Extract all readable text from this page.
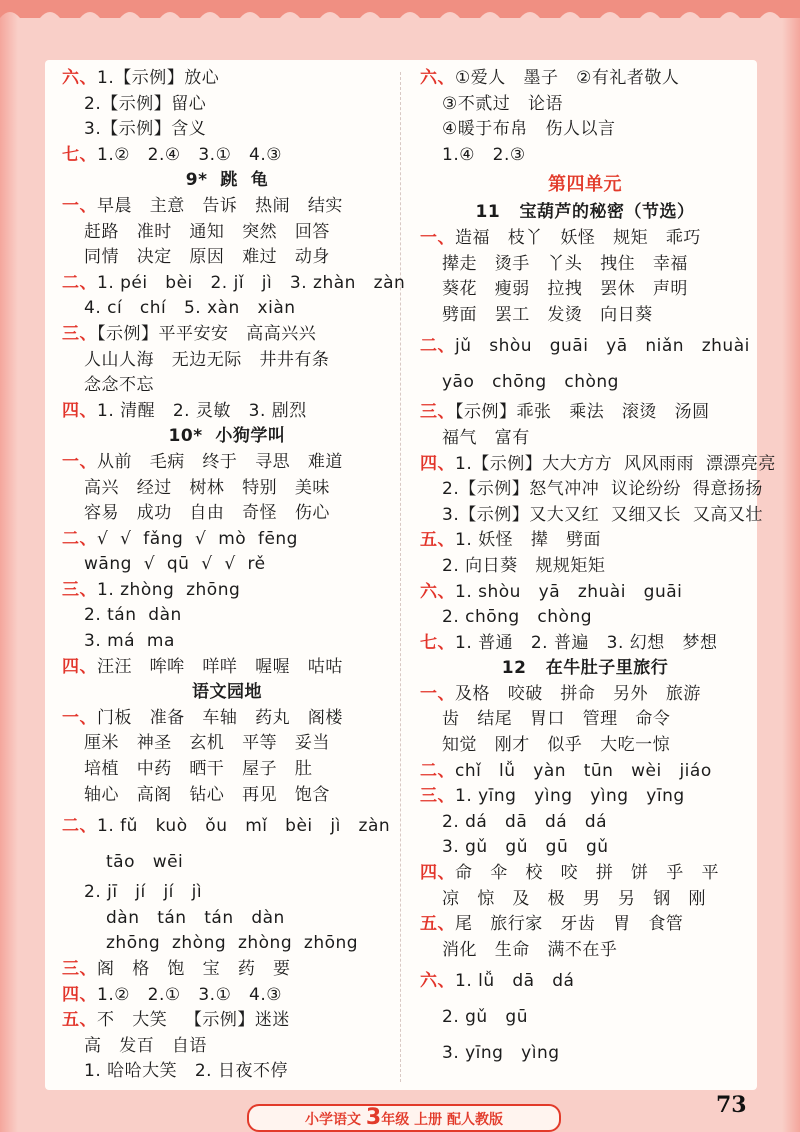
六、1.【示例】放心
2.【示例】留心
3.【示例】含义
七、1.②   2.④   3.①   4.③
9*  跳  龟
一、早晨   主意   告诉   热闹   结实
赶路   准时   通知   突然   回答
同情   决定   原因   难过   动身
二、1. péi   bèi   2. jǐ   jì   3. zhàn   zàn
4. cí   chí   5. xàn   xiàn
三、【示例】平平安安   高高兴兴
人山人海   无边无际   井井有条
念念不忘
四、1. 清醒   2. 灵敏   3. 剧烈
10*  小狗学叫
一、从前   毛病   终于   寻思   难道
高兴   经过   树林   特别   美味
容易   成功   自由   奇怪   伤心
二、√  √  fǎng  √  mò  fēng
wāng  √  qū  √  √  rě
三、1. zhòng  zhōng
2. tán  dàn
3. má  ma
四、汪汪   哞哞   咩咩   喔喔   咕咕
语文园地
一、门板   准备   车轴   药丸   阁楼
厘米   神圣   玄机   平等   妥当
培植   中药   晒干   屋子   肚
轴心   高阁   钻心   再见   饱含
二、1. fǔ   kuò   ǒu   mǐ   bèi   jì   zàn
tāo   wēi
2. jī   jí   jí   jì
dàn   tán   tán   dàn
zhōng  zhòng  zhòng  zhōng
三、阁   格   饱   宝   药   要
四、1.②   2.①   3.①   4.③
五、不   大笑   【示例】迷迷
高   发百   自语
1. 哈哈大笑   2. 日夜不停
六、①爱人   墨子   ②有礼者敬人
③不贰过   论语
④暖于布帛   伤人以言
1.④   2.③
第四单元
11   宝葫芦的秘密（节选）
一、造福   枝丫   妖怪   规矩   乖巧
撵走   烫手   丫头   拽住   幸福
葵花   瘦弱   拉拽   罢休   声明
劈面   罢工   发烫   向日葵
二、jǔ   shòu   guāi   yā   niǎn   zhuài
yāo   chōng   chòng
三、【示例】乖张   乘法   滚烫   汤圆
福气   富有
四、1.【示例】大大方方  风风雨雨  漂漂亮亮
2.【示例】怒气冲冲  议论纷纷  得意扬扬
3.【示例】又大又红  又细又长  又高又壮
五、1. 妖怪   撵   劈面
2. 向日葵   规规矩矩
六、1. shòu   yā   zhuài   guāi
2. chōng   chòng
七、1. 普通   2. 普遍   3. 幻想   梦想
12   在牛肚子里旅行
一、及格   咬破   拼命   另外   旅游
齿   结尾   胃口   管理   命令
知觉   刚才   似乎   大吃一惊
二、chǐ   lǚ   yàn   tūn   wèi   jiáo
三、1. yīng   yìng   yìng   yīng
2. dá   dā   dá   dá
3. gǔ   gǔ   gū   gǔ
四、命   伞   校   咬   拼   饼   乎   平
凉   惊   及   极   男   另   钢   刚
五、尾   旅行家   牙齿   胃   食管
消化   生命   满不在乎
六、1. lǚ   dā   dá
2. gǔ   gū
3. yīng   yìng
73
小学语文 3年级 上册 配人教版
